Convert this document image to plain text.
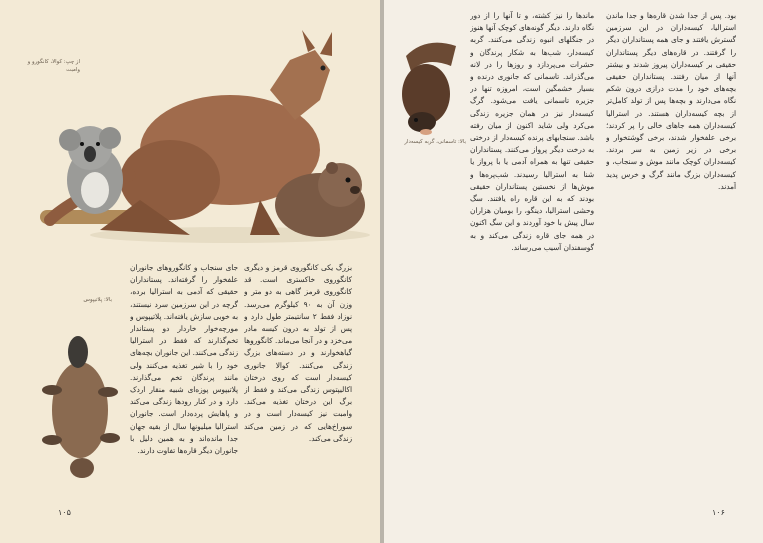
از چپ: کوالا، کانگورو و وامبت
بالا: پلاتیپوس

جای سنجاب و کانگوروهای جانوران علفخوار را گرفته‌اند. پستانداران حقیقی که آدمی به استرالیا برده، گرچه در این سرزمین سرد نیستند، به خوبی سازش یافته‌اند. پلاتیپوس و مورچه‌خوار خاردار دو پستاندار تخم‌گذارند که فقط در استرالیا زندگی می‌کنند. این جانوران بچه‌های خود را با شیر تغذیه می‌کنند ولی مانند پرندگان تخم می‌گذارند. پلاتیپوس پوزه‌ای شبیه منقار اردک دارد و در کنار رودها زندگی می‌کند و پاهایش پرده‌دار است. جانوران استرالیا میلیونها سال از بقیه جهان جدا مانده‌اند و به همین دلیل با جانوران دیگر قاره‌ها تفاوت دارند.

بزرگ یکی کانگوروی قرمز و دیگری کانگوروی خاکستری است. قد کانگوروی قرمز گاهی به دو متر و وزن آن به ۹۰ کیلوگرم می‌رسد. نوزاد فقط ۲ سانتیمتر طول دارد و پس از تولد به درون کیسه مادر می‌خزد و در آنجا می‌ماند. کانگوروها گیاهخوارند و در دسته‌های بزرگ زندگی می‌کنند. کوالا جانوری کیسه‌دار است که روی درختان اکالیپتوس زندگی می‌کند و فقط از برگ این درختان تغذیه می‌کند. وامبت نیز کیسه‌دار است و در سوراخ‌هایی که در زمین می‌کند زندگی می‌کند.

۱۰۵
بالا: تاسمانی، گربه کیسه‌دار

ماندها را نیز کشته، و تا آنها را از دور نگاه دارند. دیگر گونه‌های کوچک آنها هنوز در جنگلهای انبوه زندگی می‌کنند. گربه کیسه‌دار، شب‌ها به شکار پرندگان و حشرات می‌پردازد و روزها را در لانه می‌گذراند. تاسمانی که جانوری درنده و بسیار خشمگین است، امروزه تنها در جزیره تاسمانی یافت می‌شود. گرگ کیسه‌دار نیز در همان جزیره زندگی می‌کرد ولی شاید اکنون از میان رفته باشد. سنجابهای پرنده کیسه‌دار از درختی به درخت دیگر پرواز می‌کنند. پستانداران حقیقی تنها به همراه آدمی یا با پرواز یا شنا به استرالیا رسیدند. شب‌پره‌ها و موش‌ها از نخستین پستانداران حقیقی بودند که به این قاره راه یافتند. سگ وحشی استرالیا، دینگو، را بومیان هزاران سال پیش با خود آوردند و این سگ اکنون در همه جای قاره زندگی می‌کند و به گوسفندان آسیب می‌رساند.

بود. پس از جدا شدن قاره‌ها و جدا ماندن استرالیا، کیسه‌داران در این سرزمین گسترش یافتند و جای همه پستانداران دیگر را گرفتند. در قاره‌های دیگر پستانداران حقیقی بر کیسه‌داران پیروز شدند و بیشتر آنها از میان رفتند. پستانداران حقیقی بچه‌های خود را مدت درازی درون شکم نگاه می‌دارند و بچه‌ها پس از تولد کامل‌تر از بچه کیسه‌داران هستند. در استرالیا کیسه‌داران همه جاهای خالی را پر کردند؛ برخی علفخوار شدند، برخی گوشتخوار و برخی در زیر زمین به سر بردند. کیسه‌داران کوچک مانند موش و سنجاب، و کیسه‌داران بزرگ مانند گرگ و خرس پدید آمدند.

۱۰۶
